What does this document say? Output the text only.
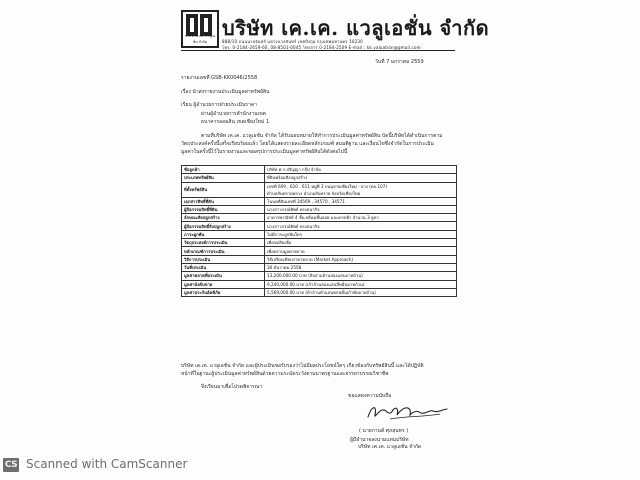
บริษัท เค.เค. แวลูเอชั่น จำกัด
บริษัท เค.เค. แวลูเอชั่น จำกัด
888/10 ถนนนวลจันทร์ แขวงนวลจันทร์ เขตบึงกุ่ม กรุงเทพมหานคร 10230
โทร. 0-2184-2659-60, 08-8501-0045 โทรสาร 0-2184-2509 E-mail : kk.valuation@gmail.com
วันที่ 7 มกราคม 2559
รายงานเลขที่ GSB-KK0046/2558
เรื่อง นำส่งรายงานประเมินมูลค่าทรัพย์สิน
เรียน ผู้อำนวยการฝ่ายประเมินราคา
ผ่านผู้อำนวยการสำนักงานเขต
ธนาคารออมสิน เขตเชียงใหม่ 1
ตามที่บริษัท เค.เค. แวลูเอชั่น จำกัด ได้รับมอบหมายให้ทำการประเมินมูลค่าทรัพย์สิน บัดนี้บริษัทได้ดำเนินการตาม
วัตถุประสงค์ครั้งนี้เสร็จเรียบร้อยแล้ว โดยได้แสดงรายละเอียดหลักเกณฑ์ สมมติฐาน และเงื่อนไขซึ่งจำกัดในการประเมิน
มูลค่าในครั้งนี้ไว้ในรายงานและขอสรุปการประเมินมูลค่าทรัพย์สินได้ดังต่อไปนี้
ชื่อลูกค้า	บริษัท ศ.ร.ปริญญา กรุ๊ป จำกัด
ประเภททรัพย์สิน	ที่ดินพร้อมสิ่งปลูกสร้าง
ที่ตั้งทรัพย์สิน	เลขที่ 609 , 610 , 611 หมู่ที่ 3 ถนนสายเชียงใหม่ - ฝาง (ทล.107)
ตำบลสันทรายหลวง อำเภอสันทราย จังหวัดเชียงใหม่

เอกสารสิทธิ์ที่ดิน	โฉนดที่ดินเลขที่ 34569 , 34570 , 34571
ผู้ถือกรรมสิทธิ์ที่ดิน	นางสาวภรณ์ทิพย์ ทรงธนากิจ
ลักษณะสิ่งปลูกสร้าง	อาคารพาณิชย์ 4 ชั้น พร้อมชั้นลอย และดาดฟ้า จำนวน 3 คูหา
ผู้ถือกรรมสิทธิ์สิ่งปลูกสร้าง	นางสาวภรณ์ทิพย์ ทรงธนากิจ
ภาระผูกพัน	ไม่มีภาระผูกพันใดๆ
วัตถุประสงค์การประเมิน	เพื่อขอสินเชื่อ
หลักเกณฑ์การประเมิน	เพื่อทราบมูลค่าตลาด
วิธีการประเมิน	วิธีเปรียบเทียบราคาตลาด (Market Approach)
วันที่ประเมิน	30 ธันวาคม 2558
มูลค่าตลาดที่ประเมิน	13,200,000.00 บาท (สิบสามล้านสองแสนบาทถ้วน)
มูลค่าบังคับขาย	9,240,000.00 บาท (เก้าล้านสองแสนสี่หมื่นบาทถ้วน)
มูลค่าประกันอัคคีภัย	5,569,000.00 บาท (ห้าล้านห้าแสนหกหมื่นเก้าพันบาทถ้วน)
บริษัท เค.เค. แวลูเอชั่น จำกัด และผู้ประเมินขอรับรองว่าไม่มีผลประโยชน์ใดๆ เกี่ยวข้องกับทรัพย์สินนี้ และได้ปฏิบัติ
หน้าที่ในฐานะผู้ประเมินมูลค่าทรัพย์สินด้วยความระมัดระวังตามมาตรฐานและจรรยาบรรณวิชาชีพ
จึงเรียนมาเพื่อโปรดพิจารณา
ขอแสดงความนับถือ
( นายกานต์ ศุภสุนทร )
ผู้มีอำนาจลงนามแทนบริษัท
บริษัท เค.เค. แวลูเอชั่น จำกัด
CS Scanned with CamScanner
